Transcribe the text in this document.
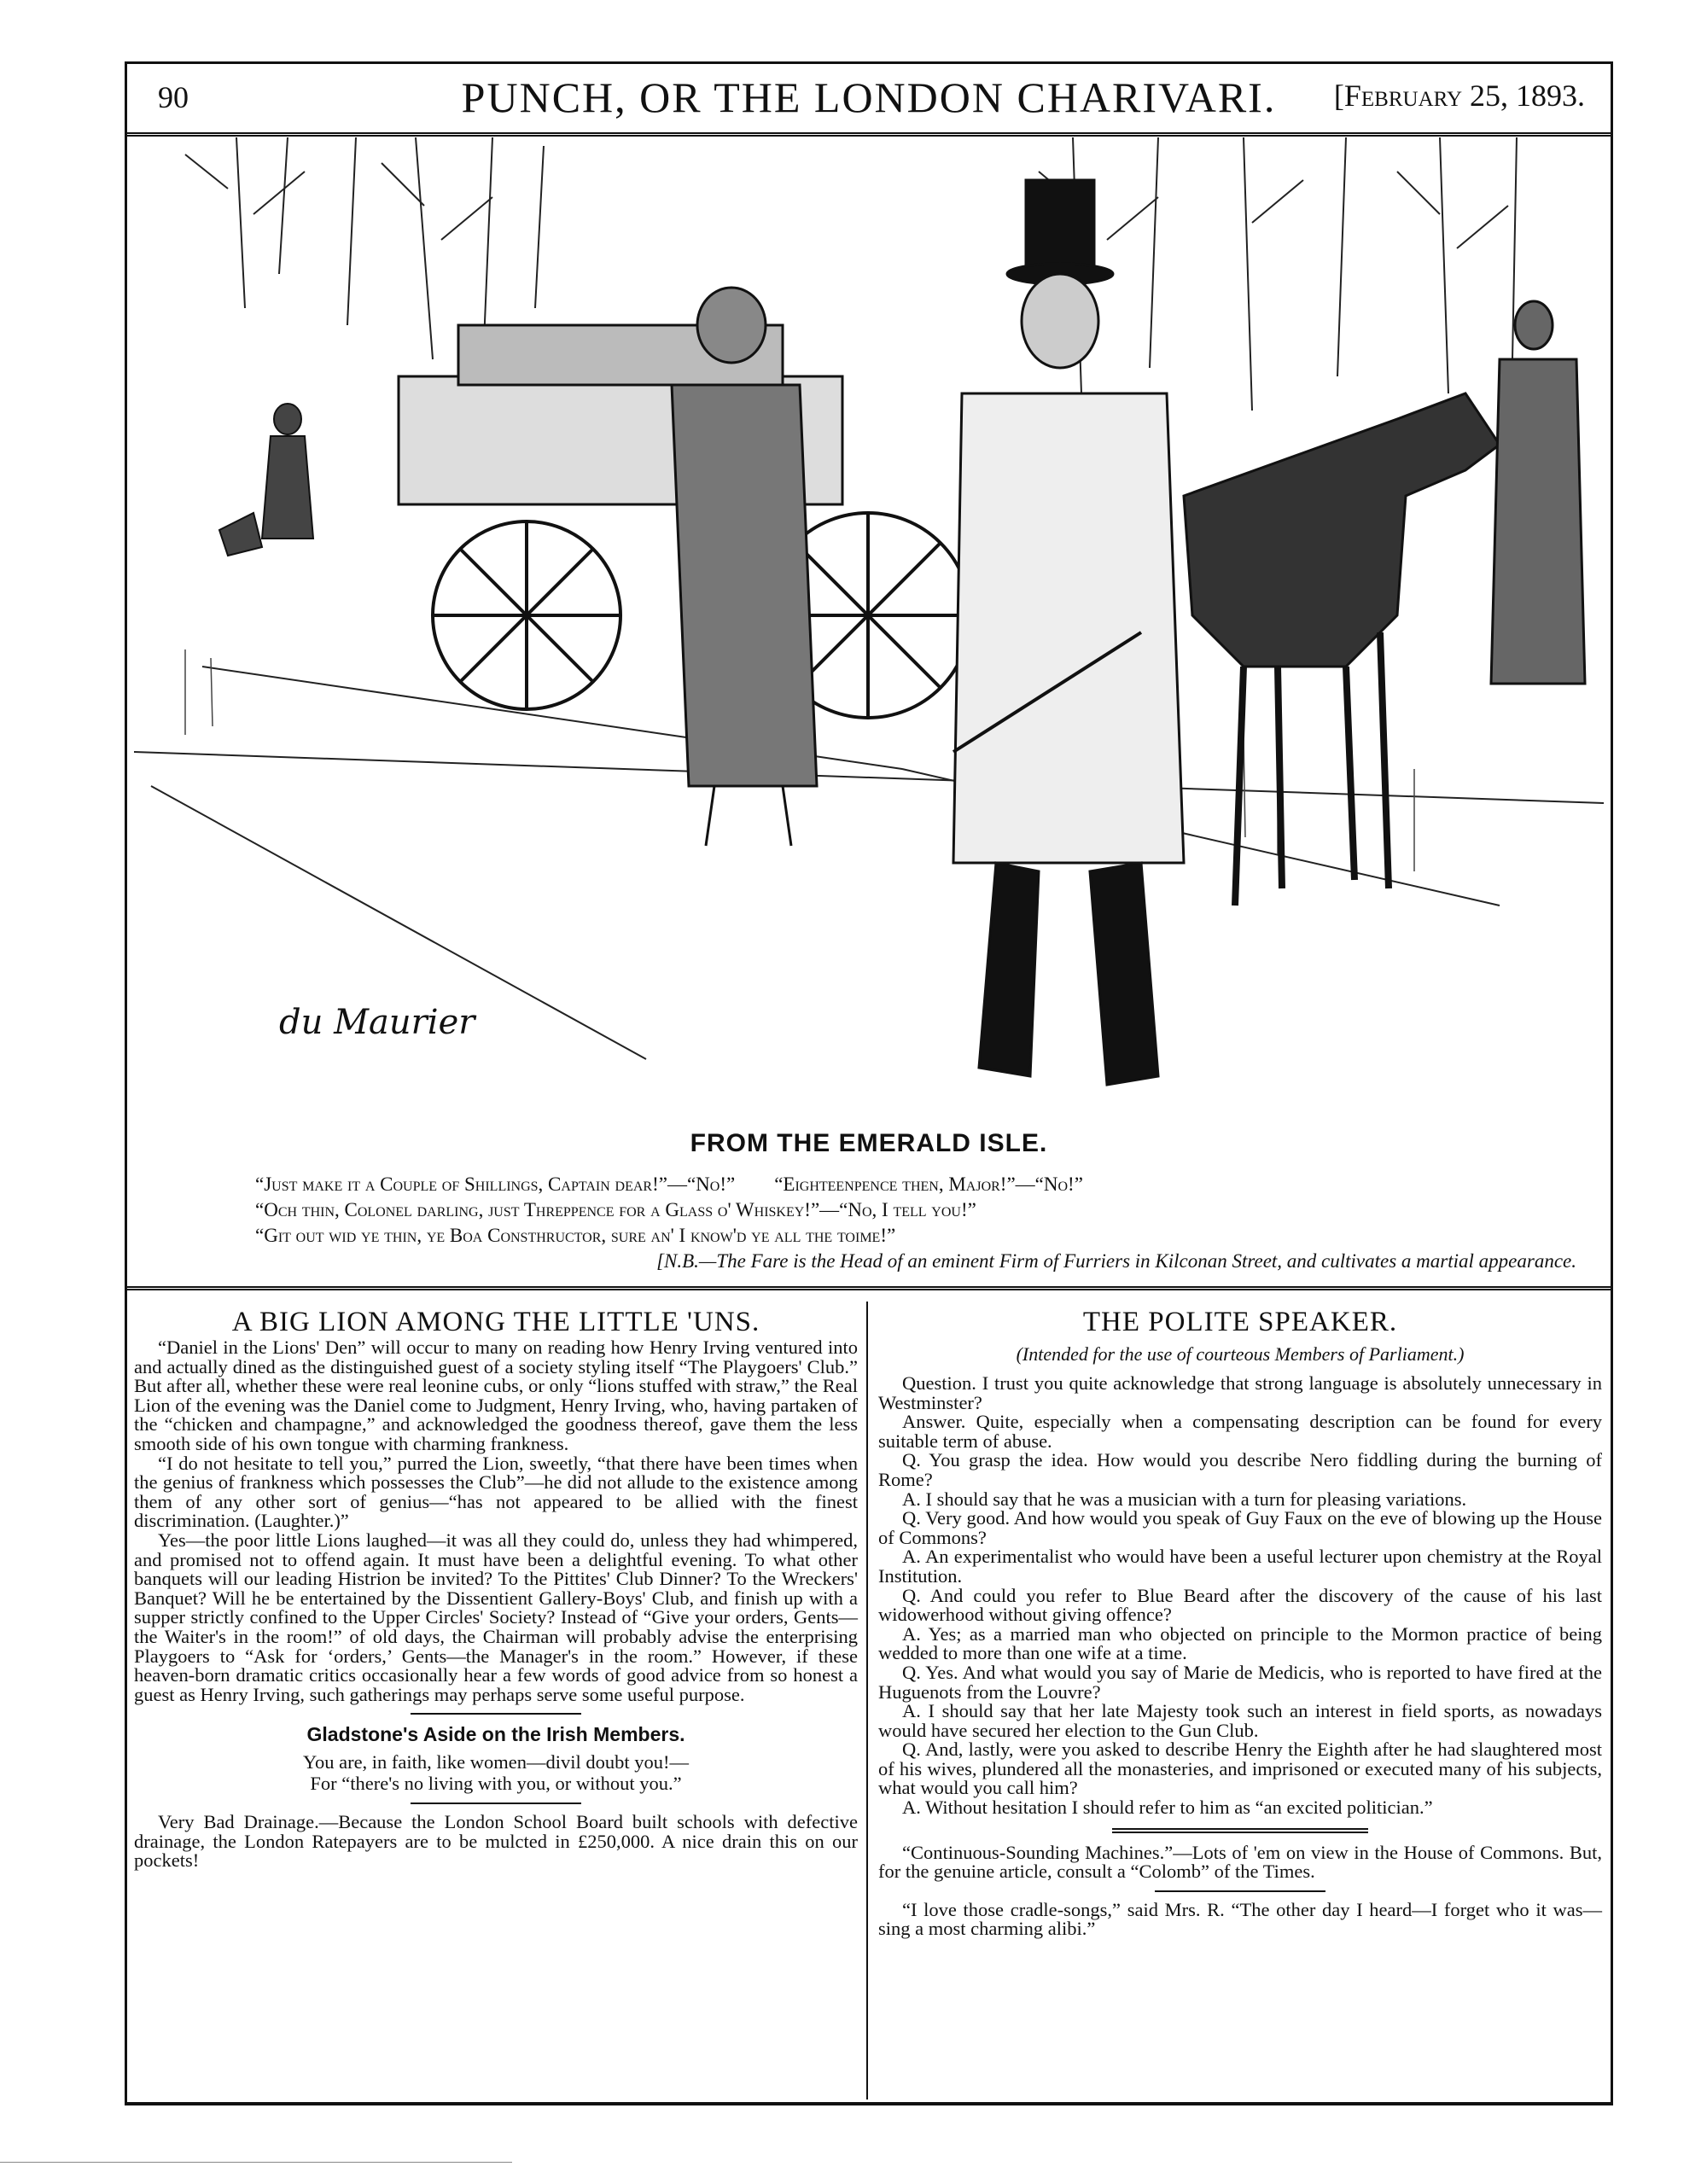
90	PUNCH, OR THE LONDON CHARIVARI.	[February 25, 1893.
du Maurier
FROM THE EMERALD ISLE.
“Just make it a Couple of Shillings, Captain dear!”—“No!”        “Eighteenpence then, Major!”—“No!”
“Och thin, Colonel darling, just Threppence for a Glass o' Whiskey!”—“No, I tell you!”
“Git out wid ye thin, ye Boa Consthructor, sure an' I know'd ye all the toime!”
[N.B.—The Fare is the Head of an eminent Firm of Furriers in Kilconan Street, and cultivates a martial appearance.
A BIG LION AMONG THE LITTLE 'UNS.

“Daniel in the Lions' Den” will occur to many on reading how Henry Irving ventured into and actually dined as the distinguished guest of a society styling itself “The Playgoers' Club.” But after all, whether these were real leonine cubs, or only “lions stuffed with straw,” the Real Lion of the evening was the Daniel come to Judgment, Henry Irving, who, having partaken of the “chicken and champagne,” and acknowledged the goodness thereof, gave them the less smooth side of his own tongue with charming frankness.

“I do not hesitate to tell you,” purred the Lion, sweetly, “that there have been times when the genius of frankness which possesses the Club”—he did not allude to the existence among them of any other sort of genius—“has not appeared to be allied with the finest discrimination. (Laughter.)”

Yes—the poor little Lions laughed—it was all they could do, unless they had whimpered, and promised not to offend again. It must have been a delightful evening. To what other banquets will our leading Histrion be invited? To the Pittites' Club Dinner? To the Wreckers' Banquet? Will he be entertained by the Dissentient Gallery-Boys' Club, and finish up with a supper strictly confined to the Upper Circles' Society? Instead of “Give your orders, Gents—the Waiter's in the room!” of old days, the Chairman will probably advise the enterprising Playgoers to “Ask for ‘orders,’ Gents—the Manager's in the room.” However, if these heaven-born dramatic critics occasionally hear a few words of good advice from so honest a guest as Henry Irving, such gatherings may perhaps serve some useful purpose.

Gladstone's Aside on the Irish Members.
You are, in faith, like women—divil doubt you!—
For “there's no living with you, or without you.”

Very Bad Drainage.—Because the London School Board built schools with defective drainage, the London Ratepayers are to be mulcted in £250,000. A nice drain this on our pockets!

THE POLITE SPEAKER.
(Intended for the use of courteous Members of Parliament.)

Question. I trust you quite acknowledge that strong language is absolutely unnecessary in Westminster?

Answer. Quite, especially when a compensating description can be found for every suitable term of abuse.

Q. You grasp the idea. How would you describe Nero fiddling during the burning of Rome?

A. I should say that he was a musician with a turn for pleasing variations.

Q. Very good. And how would you speak of Guy Faux on the eve of blowing up the House of Commons?

A. An experimentalist who would have been a useful lecturer upon chemistry at the Royal Institution.

Q. And could you refer to Blue Beard after the discovery of the cause of his last widowerhood without giving offence?

A. Yes; as a married man who objected on principle to the Mormon practice of being wedded to more than one wife at a time.

Q. Yes. And what would you say of Marie de Medicis, who is reported to have fired at the Huguenots from the Louvre?

A. I should say that her late Majesty took such an interest in field sports, as nowadays would have secured her election to the Gun Club.

Q. And, lastly, were you asked to describe Henry the Eighth after he had slaughtered most of his wives, plundered all the monasteries, and imprisoned or executed many of his subjects, what would you call him?

A. Without hesitation I should refer to him as “an excited politician.”

“Continuous-Sounding Machines.”—Lots of 'em on view in the House of Commons. But, for the genuine article, consult a “Colomb” of the Times.

“I love those cradle-songs,” said Mrs. R. “The other day I heard—I forget who it was—sing a most charming alibi.”
